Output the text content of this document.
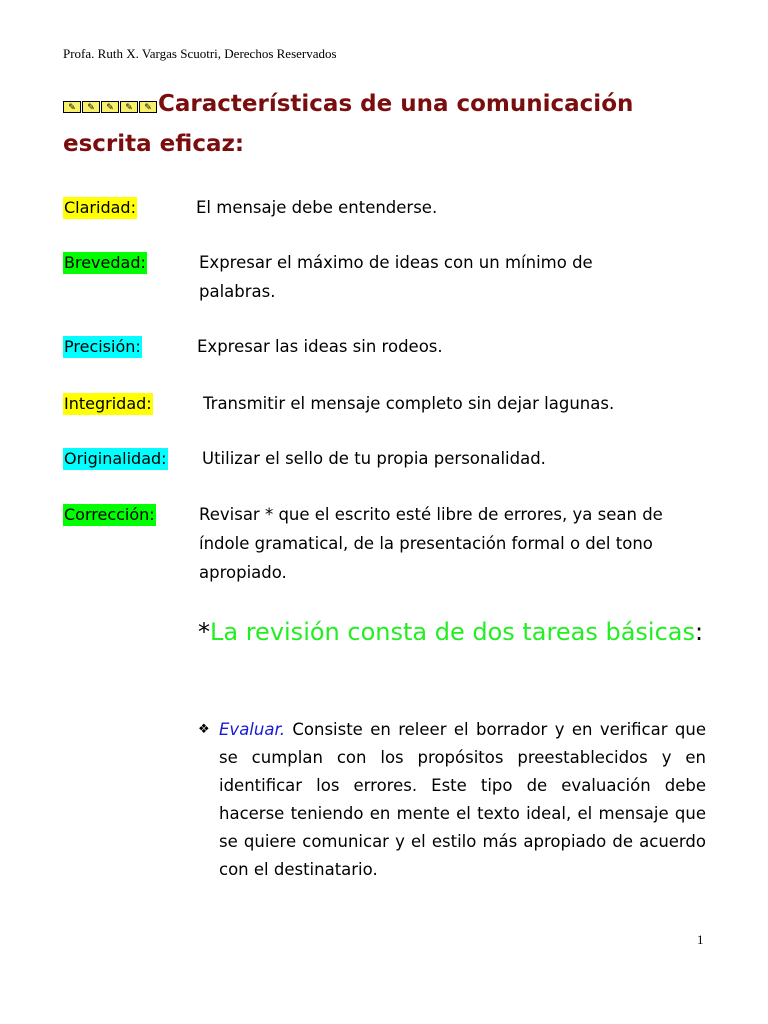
Profa. Ruth X. Vargas Scuotri, Derechos Reservados
✎	✎	✎	✎	✎ Características de una comunicación escrita eficaz:
Claridad:	El mensaje debe entenderse.
Brevedad:	Expresar el máximo de ideas con un mínimo de palabras.
Precisión:	Expresar las ideas sin rodeos.
Integridad:	Transmitir el mensaje completo sin dejar lagunas.
Originalidad: Utilizar el sello de tu propia personalidad.
Corrección:	Revisar * que el escrito esté libre de errores, ya sean de índole gramatical, de la presentación formal o del tono apropiado.
*La revisión consta de dos tareas básicas:
❖ Evaluar. Consiste en releer el borrador y en verificar que se cumplan con los propósitos preestablecidos y en identificar los errores. Este tipo de evaluación debe hacerse teniendo en mente el texto ideal, el mensaje que se quiere comunicar y el estilo más apropiado de acuerdo con el destinatario.
1
